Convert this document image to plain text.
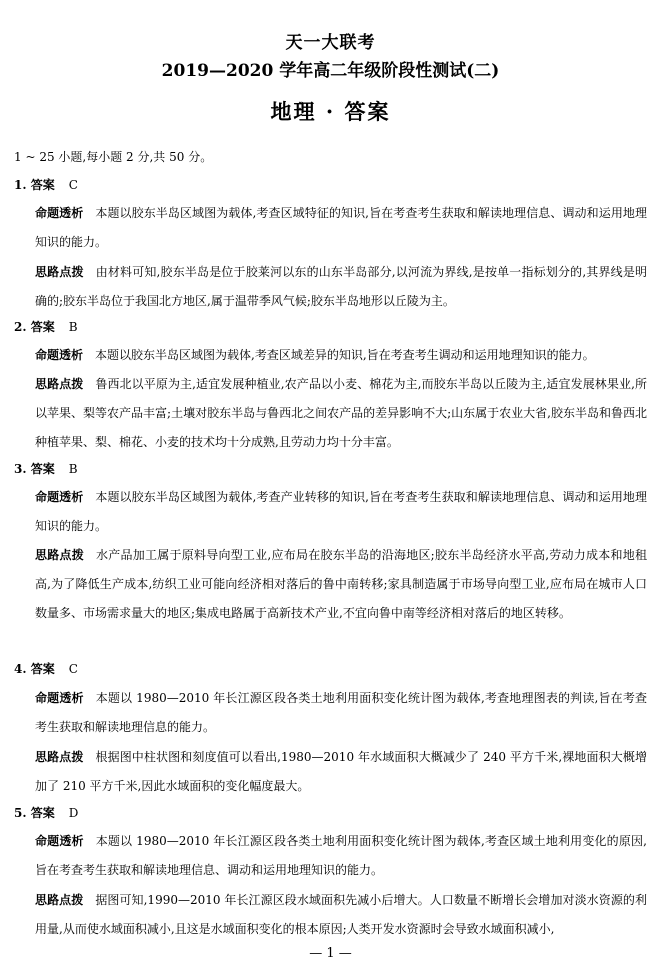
天一大联考
2019—2020 学年高二年级阶段性测试(二)
地理 · 答案
1 ~ 25 小题,每小题 2 分,共 50 分。
1. 答案 C
命题透析 本题以胶东半岛区域图为载体,考查区域特征的知识,旨在考查考生获取和解读地理信息、调动和运用地理知识的能力。
思路点拨 由材料可知,胶东半岛是位于胶莱河以东的山东半岛部分,以河流为界线,是按单一指标划分的,其界线是明确的;胶东半岛位于我国北方地区,属于温带季风气候;胶东半岛地形以丘陵为主。
2. 答案 B
命题透析 本题以胶东半岛区域图为载体,考查区域差异的知识,旨在考查考生调动和运用地理知识的能力。
思路点拨 鲁西北以平原为主,适宜发展种植业,农产品以小麦、棉花为主,而胶东半岛以丘陵为主,适宜发展林果业,所以苹果、梨等农产品丰富;土壤对胶东半岛与鲁西北之间农产品的差异影响不大;山东属于农业大省,胶东半岛和鲁西北种植苹果、梨、棉花、小麦的技术均十分成熟,且劳动力均十分丰富。
3. 答案 B
命题透析 本题以胶东半岛区域图为载体,考查产业转移的知识,旨在考查考生获取和解读地理信息、调动和运用地理知识的能力。
思路点拨 水产品加工属于原料导向型工业,应布局在胶东半岛的沿海地区;胶东半岛经济水平高,劳动力成本和地租高,为了降低生产成本,纺织工业可能向经济相对落后的鲁中南转移;家具制造属于市场导向型工业,应布局在城市人口数量多、市场需求量大的地区;集成电路属于高新技术产业,不宜向鲁中南等经济相对落后的地区转移。
4. 答案 C
命题透析 本题以 1980—2010 年长江源区段各类土地利用面积变化统计图为载体,考查地理图表的判读,旨在考查考生获取和解读地理信息的能力。
思路点拨 根据图中柱状图和刻度值可以看出,1980—2010 年水域面积大概减少了 240 平方千米,裸地面积大概增加了 210 平方千米,因此水域面积的变化幅度最大。
5. 答案 D
命题透析 本题以 1980—2010 年长江源区段各类土地利用面积变化统计图为载体,考查区域土地利用变化的原因,旨在考查考生获取和解读地理信息、调动和运用地理知识的能力。
思路点拨 据图可知,1990—2010 年长江源区段水域面积先减小后增大。人口数量不断增长会增加对淡水资源的利用量,从而使水域面积减小,且这是水域面积变化的根本原因;人类开发水资源时会导致水域面积减小,
— 1 —
